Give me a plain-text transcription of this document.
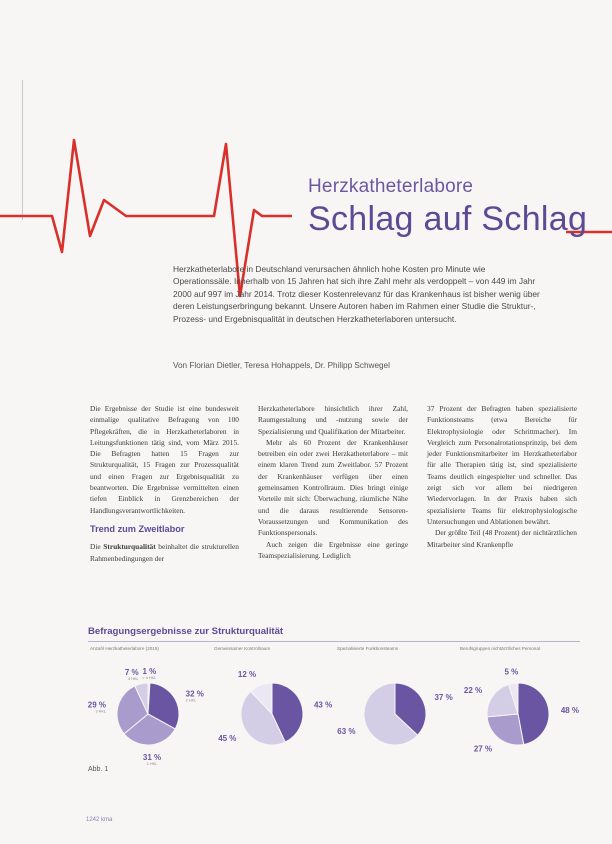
Herzkatheterlabore
Schlag auf Schlag
Herzkatheterlabore in Deutschland verursachen ähnlich hohe Kosten pro Minute wie Operationssäle. Innerhalb von 15 Jahren hat sich ihre Zahl mehr als verdoppelt – von 449 im Jahr 2000 auf 997 im Jahr 2014. Trotz dieser Kostenrelevanz für das Krankenhaus ist bisher wenig über deren Leistungserbringung bekannt. Unsere Autoren haben im Rahmen einer Studie die Struktur-, Prozess- und Ergebnisqualität in deutschen Herzkatheterlaboren untersucht.
Von Florian Dietler, Teresa Hohappels, Dr. Philipp Schwegel

Die Ergebnisse der Studie ist eine bundesweit einmalige qualitative Befragung von 100 Pflegekräften, die in Herzkatheterlaboren in Leitungsfunktionen tätig sind, vom März 2015. Die Befragten hatten 15 Fragen zur Strukturqualität, 15 Fragen zur Prozessqualität und einen Fragen zur Ergebnisqualität zu beantworten. Die Ergebnisse vermittelten einen tiefen Einblick in Grenzbereichen der Handlungsverantwortlichkeiten.

Trend zum Zweitlabor

Die Strukturqualität beinhaltet die strukturellen Rahmenbedingungen der

Herzkatheterlabore hinsichtlich ihrer Zahl, Raumgestaltung und -nutzung sowie der Spezialisierung und Qualifikation der Mitarbeiter.

Mehr als 60 Prozent der Krankenhäuser betreiben ein oder zwei Herzkatheterlabore – mit einem klaren Trend zum Zweitlabor. 57 Prozent der Krankenhäuser verfügen über einen gemeinsamen Kontrollraum. Dies bringt einige Vorteile mit sich: Überwachung, räumliche Nähe und die daraus resultierende Sensoren-Voraussetzungen und Kommunikation des Funktionspersonals.

Auch zeigen die Ergebnisse eine geringe Teamspezialisierung. Lediglich

37 Prozent der Befragten haben spezialisierte Funktionsteams (etwa Bereiche für Elektrophysiologie oder Schrittmacher). Im Vergleich zum Personalrotationsprinzip, bei dem jeder Funktionsmitarbeiter im Herzkatheterlabor für alle Therapien tätig ist, sind spezialisierte Teams deutlich eingespielter und schneller. Das zeigt sich vor allem bei niedrigeren Wiedervorlagen. In der Praxis haben sich spezialisierte Teams für elektrophysiologische Untersuchungen und Ablationen bewährt.

Der größte Teil (48 Prozent) der nichtärztlichen Mitarbeiter sind Krankenpfle

Befragungsergebnisse zur Strukturqualität
Anzahl Herzkatheterlabore (2015)
1 %
> 4 HKL
32 %
2 HKL
31 %
1 HKL
29 %
3 HKL
7 %
4 HKL
Gemeinsamer Kontrollraum
43 %
45 %
12 %
Spezialisierte Funktionsteams
37 %
63 %
Berufsgruppen nichtärztliches Personal
48 %
27 %
22 %
5 %
Abb. 1
1242 kma
